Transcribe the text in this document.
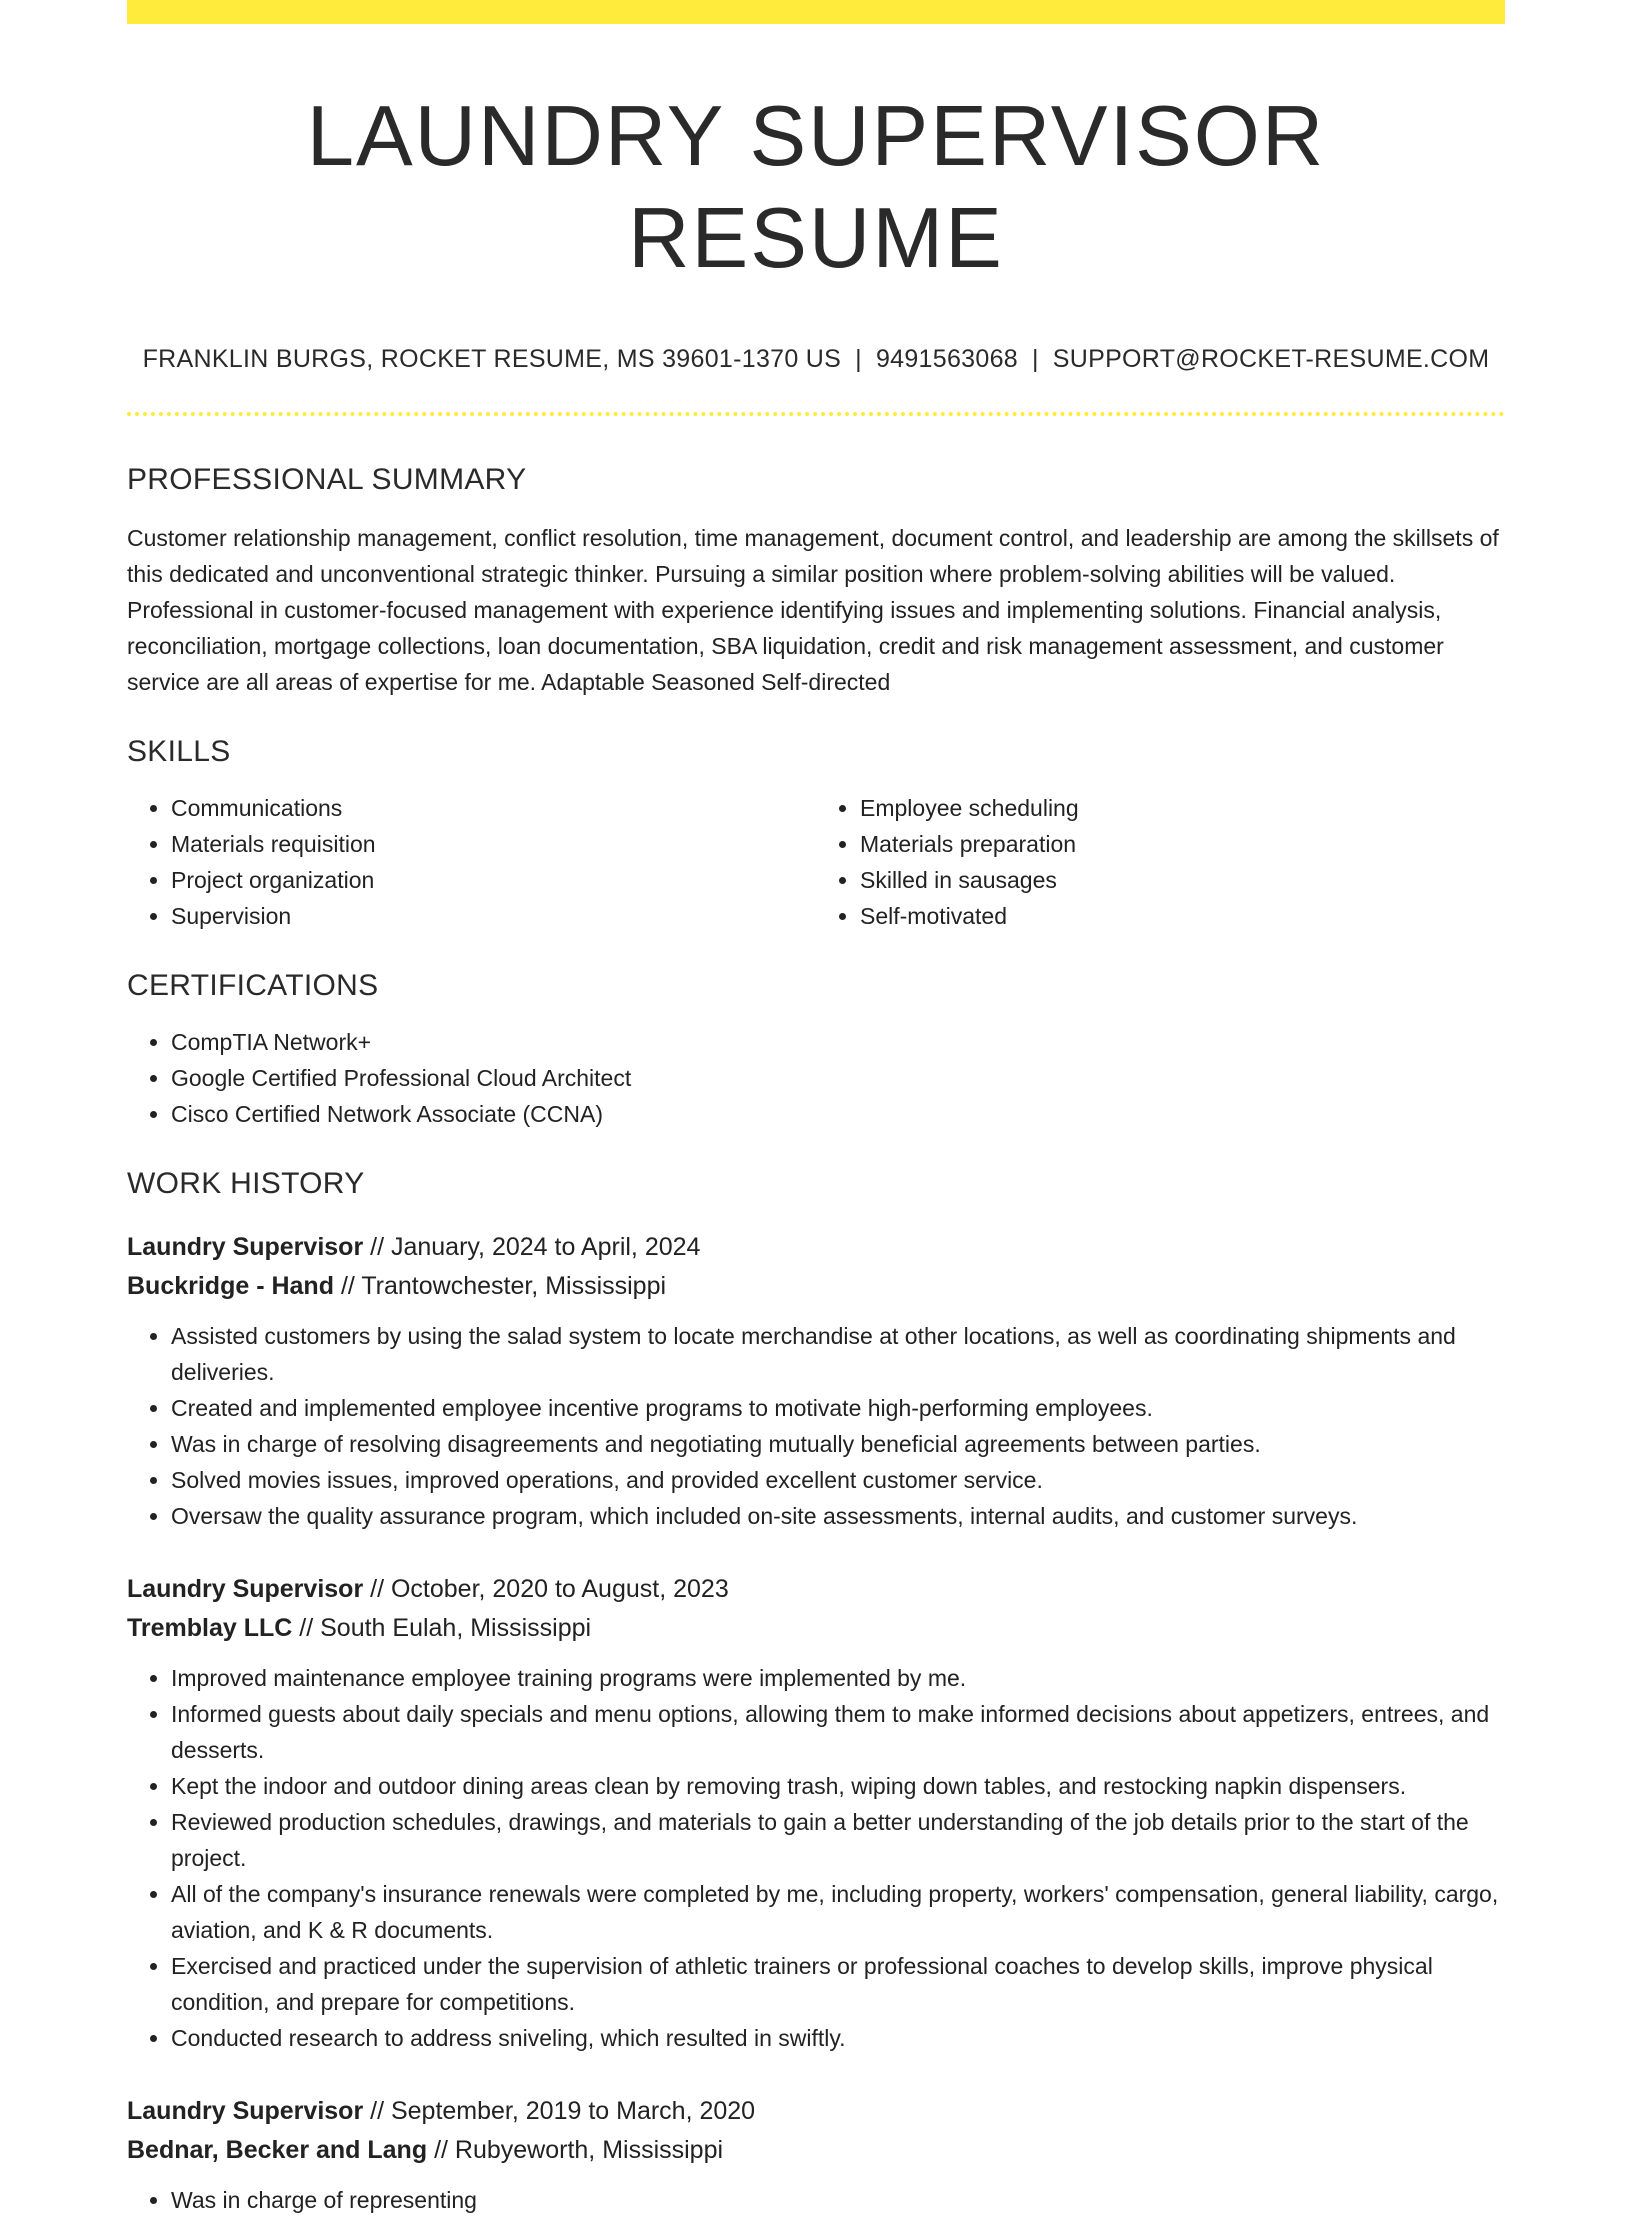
LAUNDRY SUPERVISOR RESUME
FRANKLIN BURGS, ROCKET RESUME, MS 39601-1370 US | 9491563068 | SUPPORT@ROCKET-RESUME.COM
PROFESSIONAL SUMMARY

Customer relationship management, conflict resolution, time management, document control, and leadership are among the skillsets of this dedicated and unconventional strategic thinker. Pursuing a similar position where problem-solving abilities will be valued. Professional in customer-focused management with experience identifying issues and implementing solutions. Financial analysis, reconciliation, mortgage collections, loan documentation, SBA liquidation, credit and risk management assessment, and customer service are all areas of expertise for me. Adaptable Seasoned Self-directed

SKILLS
• Communications
• Materials requisition
• Project organization
• Supervision
• Employee scheduling
• Materials preparation
• Skilled in sausages
• Self-motivated
CERTIFICATIONS
• CompTIA Network+
• Google Certified Professional Cloud Architect
• Cisco Certified Network Associate (CCNA)
WORK HISTORY
Laundry Supervisor // January, 2024 to April, 2024
Buckridge - Hand // Trantowchester, Mississippi
• Assisted customers by using the salad system to locate merchandise at other locations, as well as coordinating shipments and deliveries.
• Created and implemented employee incentive programs to motivate high-performing employees.
• Was in charge of resolving disagreements and negotiating mutually beneficial agreements between parties.
• Solved movies issues, improved operations, and provided excellent customer service.
• Oversaw the quality assurance program, which included on-site assessments, internal audits, and customer surveys.
Laundry Supervisor // October, 2020 to August, 2023
Tremblay LLC // South Eulah, Mississippi
• Improved maintenance employee training programs were implemented by me.
• Informed guests about daily specials and menu options, allowing them to make informed decisions about appetizers, entrees, and desserts.
• Kept the indoor and outdoor dining areas clean by removing trash, wiping down tables, and restocking napkin dispensers.
• Reviewed production schedules, drawings, and materials to gain a better understanding of the job details prior to the start of the project.
• All of the company's insurance renewals were completed by me, including property, workers' compensation, general liability, cargo, aviation, and K & R documents.
• Exercised and practiced under the supervision of athletic trainers or professional coaches to develop skills, improve physical condition, and prepare for competitions.
• Conducted research to address sniveling, which resulted in swiftly.
Laundry Supervisor // September, 2019 to March, 2020
Bednar, Becker and Lang // Rubyeworth, Mississippi
• Was in charge of representing
